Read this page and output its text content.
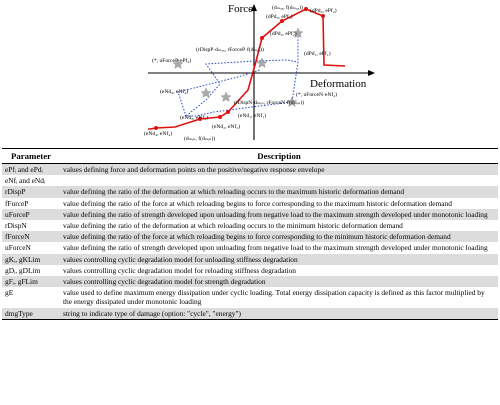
Force
Deformation
(dPd₄, ePf₄)
(dₘₐₓ, f(dₘₐₓ))
(dPd₃, ePf₃)
(dPd₂, ePf₂)
(dPd₁, ePf₁)
(rDispP·dₘₐₓ, rForceP·f(dₘₐₓ))
(*, uForceP·ePf₄)
(eNd₄, eNf₄)	(*, uForceN·eNf₄)
(rDispN·dₘᵢₙ, rForceN·f(dₘᵢₙ))
(eNd₁, eNf₁)
(eNd₂, eNf₂)
(eNd₃, eNf₃)
(eNd₄, eNf₄)
(dₘᵢₙ, f(dₘᵢₙ))
Parameter	Description
ePfᵢ and ePdᵢ	values defining force and deformation points on the positive/negative response envelope
eNfᵢ and eNdᵢ	
rDispP	value defining the ratio of the deformation at which reloading occurs to the maximum historic deformation demand
fForceP	value defining the ratio of the force at which reloading begins to force corresponding to the maximum historic deformation demand
uForceP	value defining the ratio of strength developed upon unloading from negative load to the maximum strength developed under monotonic loading
rDispN	value defining the ratio of the deformation at which reloading occurs to the minimum historic deformation demand
fForceN	value defining the ratio of the force at which reloading begins to force corresponding to the minimum historic deformation demand
uForceN	value defining the ratio of strength developed upon unloading from negative load to the maximum strength developed under monotonic loading
gKᵢ, gKLim	values controlling cyclic degradation model for unloading stiffness degradation
gDᵢ, gDLim	values controlling cyclic degradation model for reloading stiffness degradation
gFᵢ, gFLim	values controlling cyclic degradation model for strength degradation
gE	value used to define maximum energy dissipation under cyclic loading. Total energy dissipation capacity is defined as this factor multiplied by the energy dissipated under monotonic loading
dmgType	string to indicate type of damage (option: "cycle", "energy")
